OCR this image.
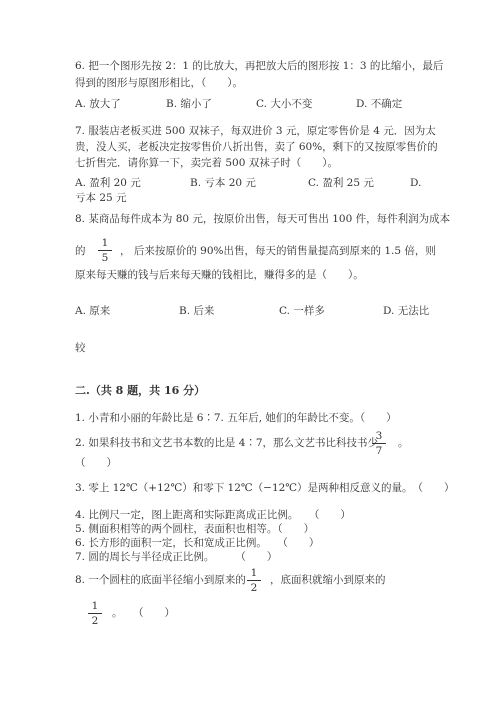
6. 把一个图形先按 2：1 的比放大，再把放大后的图形按 1：3 的比缩小，最后
得到的图形与原图形相比，（　　）。
A. 放大了	B. 缩小了	C. 大小不变	D. 不确定
7. 服装店老板买进 500 双袜子，每双进价 3 元，原定零售价是 4 元．因为太
贵，没人买，老板决定按零售价八折出售，卖了 60%，剩下的又按原零售价的
七折售完．请你算一下，卖完着 500 双袜子时（　　）。
A. 盈利 20 元	B. 亏本 20 元	C. 盈利 25 元	D.
亏本 25 元
8. 某商品每件成本为 80 元，按原价出售，每天可售出 100 件，每件利润为成本
的
1
5
， 后来按原价的 90%出售，每天的销售量提高到原来的 1.5 倍，则
原来每天赚的钱与后来每天赚的钱相比，赚得多的是（　　）。
A. 原来	B. 后来	C. 一样多	D. 无法比
较
二.（共 8 题，共 16 分）
1. 小青和小丽的年龄比是 6∶7. 五年后, 她们的年龄比不变。（　　）
2. 如果科技书和文艺书本数的比是 4∶7，那么文艺书比科技书少
3
7
。
（　　）
3. 零上 12℃（+12℃）和零下 12℃（−12℃）是两种相反意义的量。　（　　）
4. 比例尺一定，图上距离和实际距离成正比例。　　（　　）
5. 侧面积相等的两个圆柱，表面积也相等。（　　）
6. 长方形的面积一定，长和宽成正比例。　　（　　）
7. 圆的周长与半径成正比例。　　　（　　）
8. 一个圆柱的底面半径缩小到原来的
1
2
，底面积就缩小到原来的
1
2
。　　（　　）
